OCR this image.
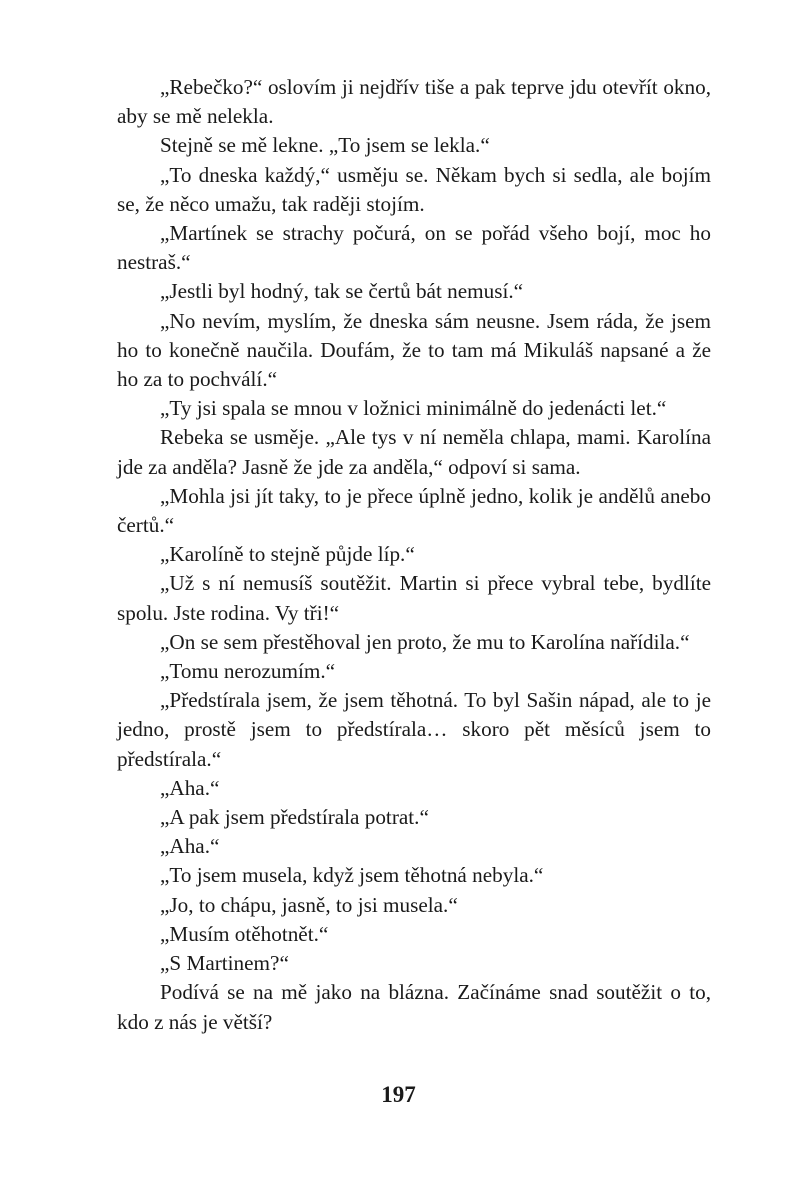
„Rebečko?“ oslovím ji nejdřív tiše a pak teprve jdu otevřít okno, aby se mě nelekla.

Stejně se mě lekne. „To jsem se lekla.“

„To dneska každý,“ usměju se. Někam bych si sedla, ale bojím se, že něco umažu, tak raději stojím.

„Martínek se strachy počurá, on se pořád všeho bojí, moc ho nestraš.“

„Jestli byl hodný, tak se čertů bát nemusí.“

„No nevím, myslím, že dneska sám neusne. Jsem ráda, že jsem ho to konečně naučila. Doufám, že to tam má Mikuláš napsané a že ho za to pochválí.“

„Ty jsi spala se mnou v ložnici minimálně do jedenácti let.“

Rebeka se usměje. „Ale tys v ní neměla chlapa, mami. Karolína jde za anděla? Jasně že jde za anděla,“ odpoví si sama.

„Mohla jsi jít taky, to je přece úplně jedno, kolik je andělů anebo čertů.“

„Karolíně to stejně půjde líp.“

„Už s ní nemusíš soutěžit. Martin si přece vybral tebe, bydlíte spolu. Jste rodina. Vy tři!“

„On se sem přestěhoval jen proto, že mu to Karolína nařídila.“

„Tomu nerozumím.“

„Předstírala jsem, že jsem těhotná. To byl Sašin nápad, ale to je jedno, prostě jsem to předstírala… skoro pět měsíců jsem to předstírala.“

„Aha.“

„A pak jsem předstírala potrat.“

„Aha.“

„To jsem musela, když jsem těhotná nebyla.“

„Jo, to chápu, jasně, to jsi musela.“

„Musím otěhotnět.“

„S Martinem?“

Podívá se na mě jako na blázna. Začínáme snad soutěžit o to, kdo z nás je větší?

197
